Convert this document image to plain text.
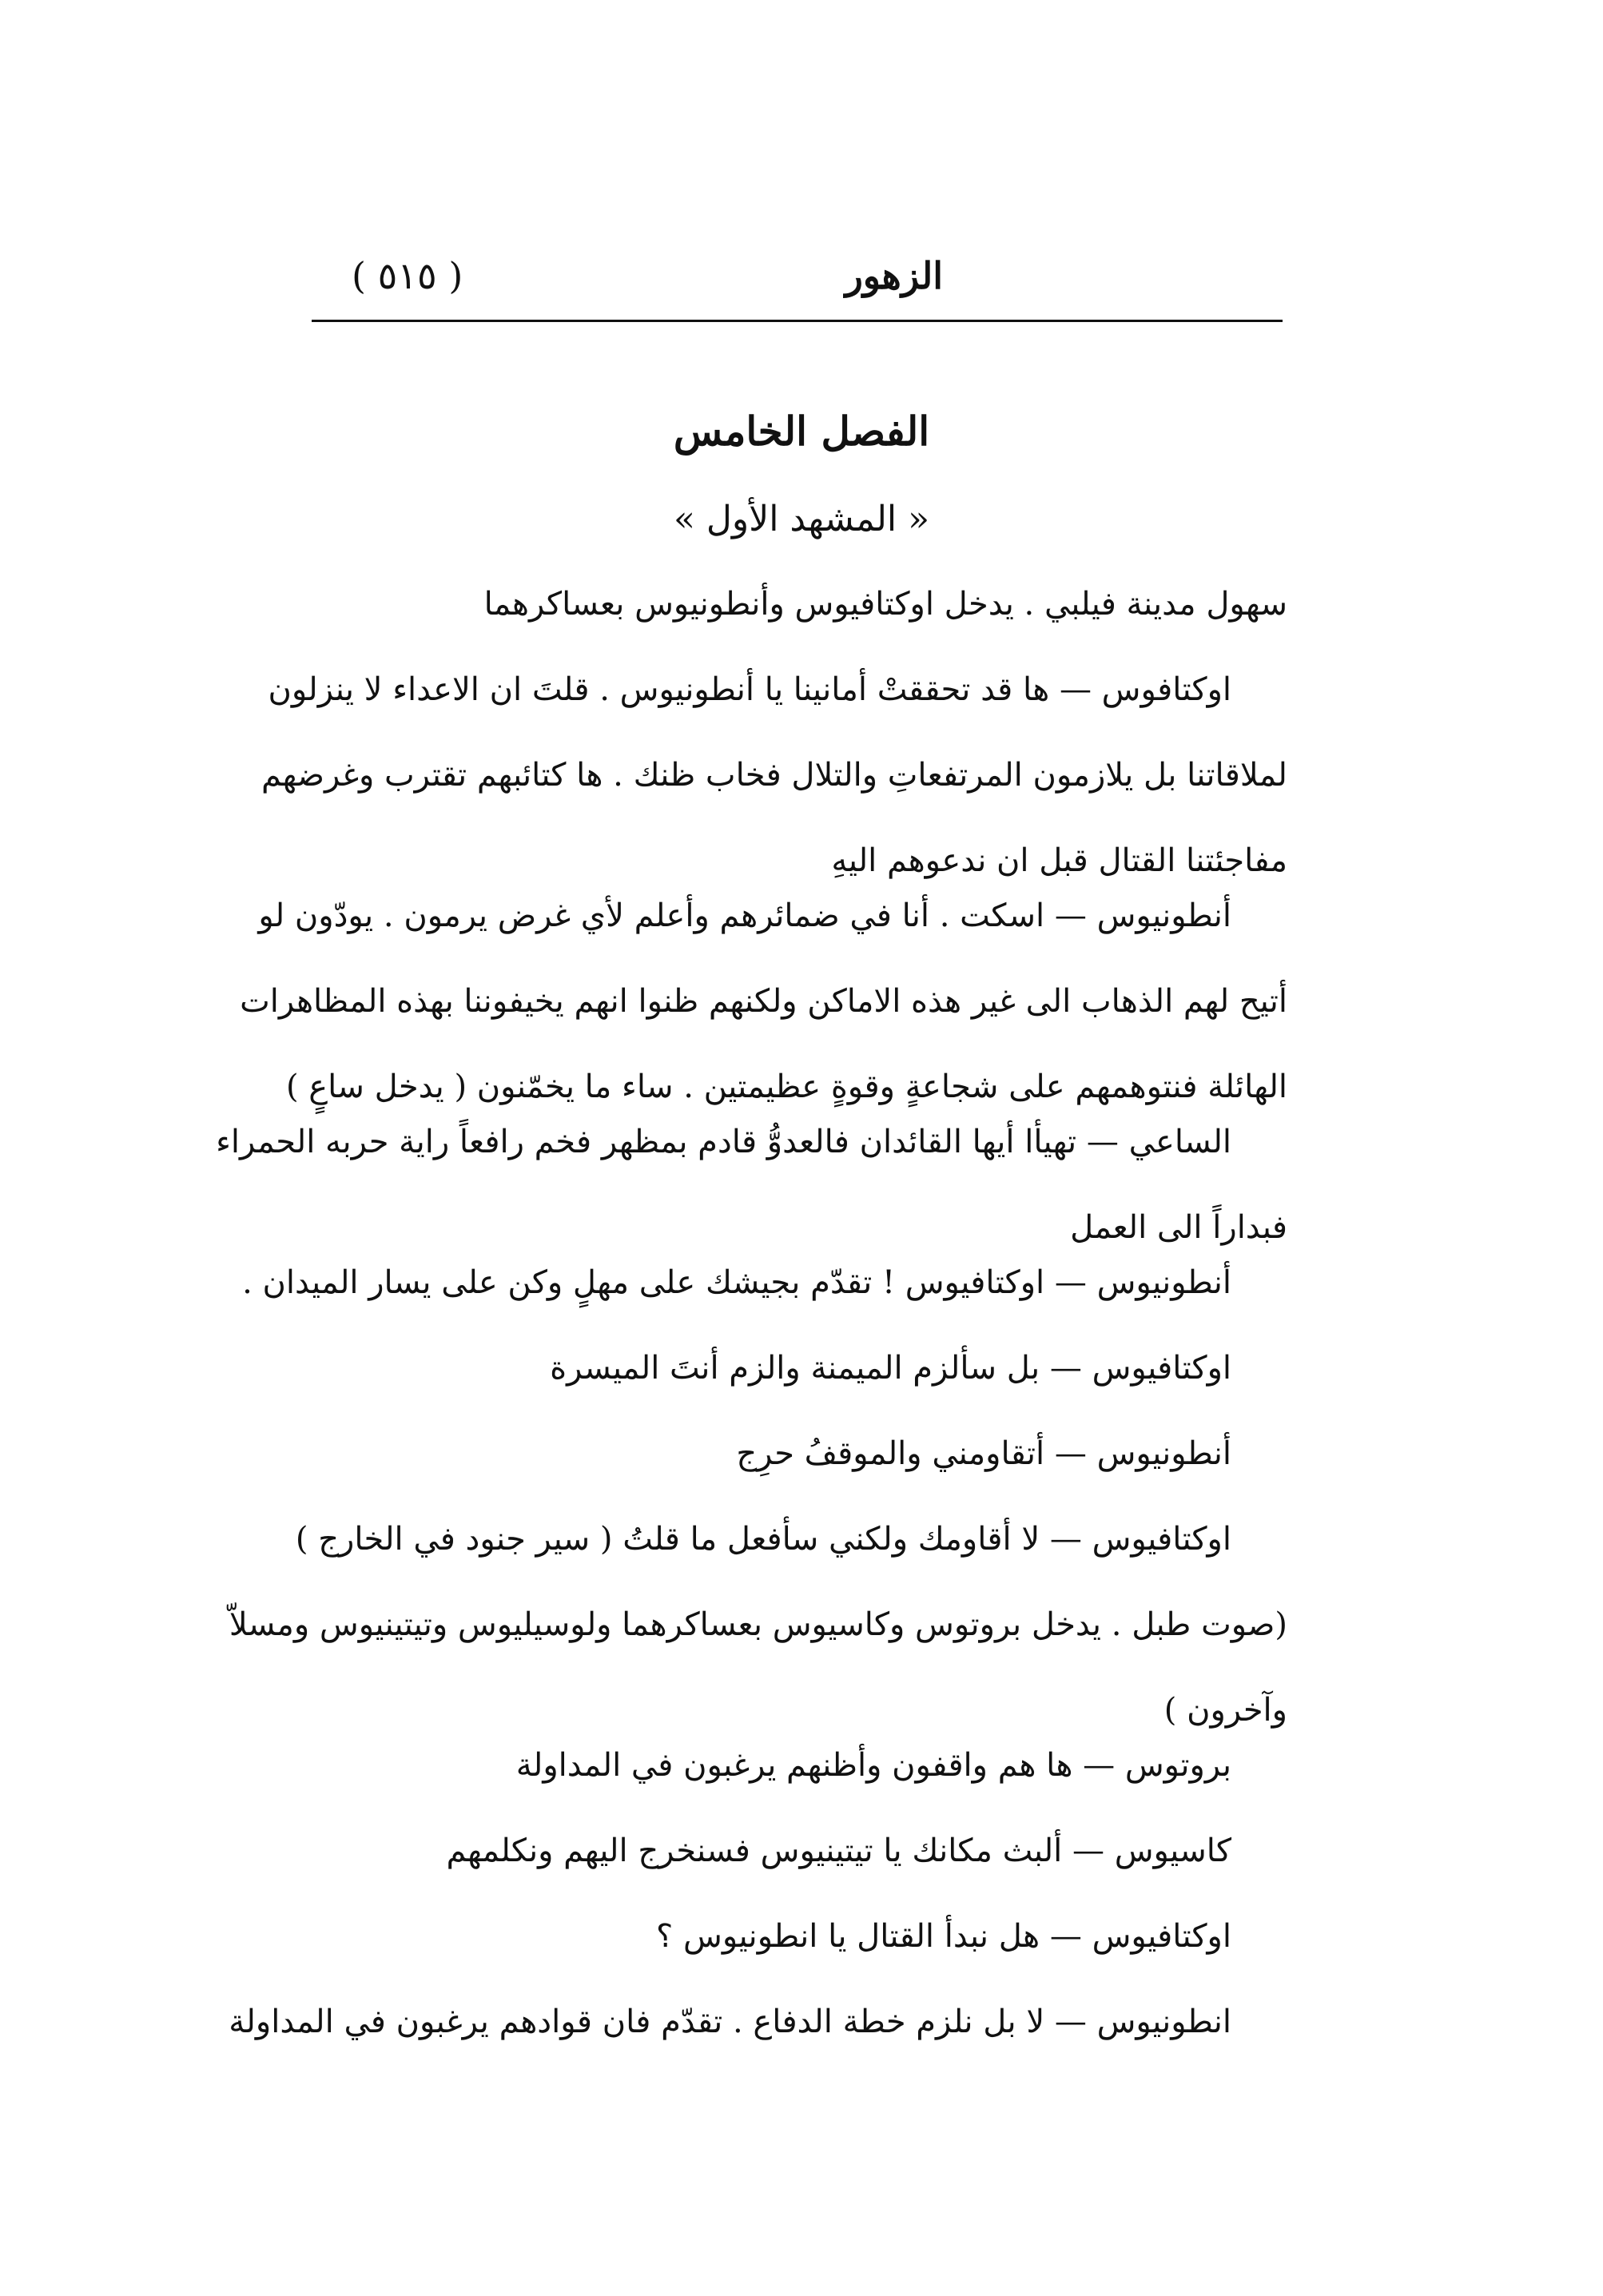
الزهور
( ٥١٥ )
الفصل الخامس
« المشهد الأول »
سهول مدينة فيلبي . يدخل اوكتافيوس وأنطونيوس بعساكرهما
اوكتافوس — ها قد تحققتْ أمانينا يا أنطونيوس . قلتَ ان الاعداء لا ينزلون
لملاقاتنا بل يلازمون المرتفعاتِ والتلال فخاب ظنك . ها كتائبهم تقترب وغرضهم
مفاجئتنا القتال قبل ان ندعوهم اليهِ
أنطونيوس — اسكت . أنا في ضمائرهم وأعلم لأي غرض يرمون . يودّون لو
أتيح لهم الذهاب الى غير هذه الاماكن ولكنهم ظنوا انهم يخيفوننا بهذه المظاهرات
الهائلة فنتوهمهم على شجاعةٍ وقوةٍ عظيمتين . ساء ما يخمّنون ( يدخل ساعٍ )
الساعي — تهيأا أيها القائدان فالعدوُّ قادم بمظهر فخم رافعاً راية حربه الحمراء
فبداراً الى العمل
أنطونيوس — اوكتافيوس ! تقدّم بجيشك على مهلٍ وكن على يسار الميدان .
اوكتافيوس — بل سألزم الميمنة والزم أنتَ الميسرة
أنطونيوس — أتقاومني والموقفُ حرِج
اوكتافيوس — لا أقاومك ولكني سأفعل ما قلتُ ( سير جنود في الخارج )
(صوت طبل . يدخل بروتوس وكاسيوس بعساكرهما ولوسيليوس وتيتينيوس ومسلاّ
وآخرون )
بروتوس — ها هم واقفون وأظنهم يرغبون في المداولة
كاسيوس — ألبث مكانك يا تيتينيوس فسنخرج اليهم ونكلمهم
اوكتافيوس — هل نبدأ القتال يا انطونيوس ؟
انطونيوس — لا بل نلزم خطة الدفاع . تقدّم فان قوادهم يرغبون في المداولة
